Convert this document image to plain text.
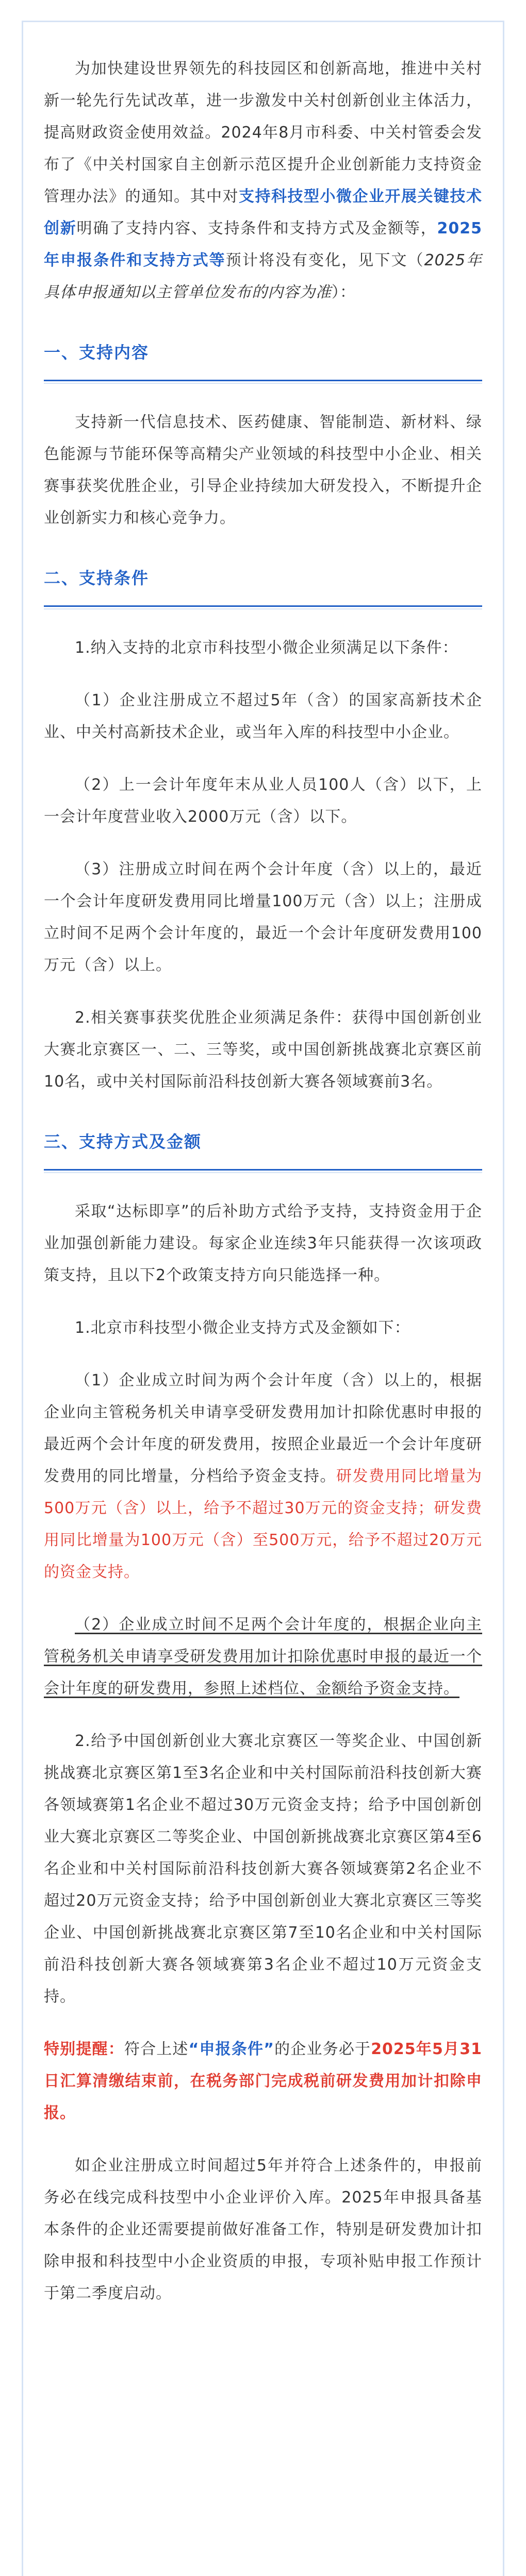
为加快建设世界领先的科技园区和创新高地，推进中关村新一轮先行先试改革，进一步激发中关村创新创业主体活力，提高财政资金使用效益。2024年8月市科委、中关村管委会发布了《中关村国家自主创新示范区提升企业创新能力支持资金管理办法》的通知。其中对支持科技型小微企业开展关键技术创新明确了支持内容、支持条件和支持方式及金额等，2025年申报条件和支持方式等预计将没有变化，见下文（2025年具体申报通知以主管单位发布的内容为准）：

一、支持内容

支持新一代信息技术、医药健康、智能制造、新材料、绿色能源与节能环保等高精尖产业领域的科技型中小企业、相关赛事获奖优胜企业，引导企业持续加大研发投入，不断提升企业创新实力和核心竞争力。

二、支持条件

1.纳入支持的北京市科技型小微企业须满足以下条件：

（1）企业注册成立不超过5年（含）的国家高新技术企业、中关村高新技术企业，或当年入库的科技型中小企业。

（2）上一会计年度年末从业人员100人（含）以下，上一会计年度营业收入2000万元（含）以下。

（3）注册成立时间在两个会计年度（含）以上的，最近一个会计年度研发费用同比增量100万元（含）以上；注册成立时间不足两个会计年度的，最近一个会计年度研发费用100万元（含）以上。

2.相关赛事获奖优胜企业须满足条件：获得中国创新创业大赛北京赛区一、二、三等奖，或中国创新挑战赛北京赛区前10名，或中关村国际前沿科技创新大赛各领域赛前3名。

三、支持方式及金额

采取“达标即享”的后补助方式给予支持，支持资金用于企业加强创新能力建设。每家企业连续3年只能获得一次该项政策支持，且以下2个政策支持方向只能选择一种。

1.北京市科技型小微企业支持方式及金额如下：

（1）企业成立时间为两个会计年度（含）以上的，根据企业向主管税务机关申请享受研发费用加计扣除优惠时申报的最近两个会计年度的研发费用，按照企业最近一个会计年度研发费用的同比增量，分档给予资金支持。研发费用同比增量为500万元（含）以上，给予不超过30万元的资金支持；研发费用同比增量为100万元（含）至500万元，给予不超过20万元的资金支持。

（2）企业成立时间不足两个会计年度的，根据企业向主管税务机关申请享受研发费用加计扣除优惠时申报的最近一个会计年度的研发费用，参照上述档位、金额给予资金支持。

2.给予中国创新创业大赛北京赛区一等奖企业、中国创新挑战赛北京赛区第1至3名企业和中关村国际前沿科技创新大赛各领域赛第1名企业不超过30万元资金支持；给予中国创新创业大赛北京赛区二等奖企业、中国创新挑战赛北京赛区第4至6名企业和中关村国际前沿科技创新大赛各领域赛第2名企业不超过20万元资金支持；给予中国创新创业大赛北京赛区三等奖企业、中国创新挑战赛北京赛区第7至10名企业和中关村国际前沿科技创新大赛各领域赛第3名企业不超过10万元资金支持。

特别提醒：符合上述“申报条件”的企业务必于2025年5月31日汇算清缴结束前，在税务部门完成税前研发费用加计扣除申报。

如企业注册成立时间超过5年并符合上述条件的，申报前务必在线完成科技型中小企业评价入库。2025年申报具备基本条件的企业还需要提前做好准备工作，特别是研发费加计扣除申报和科技型中小企业资质的申报，专项补贴申报工作预计于第二季度启动。
